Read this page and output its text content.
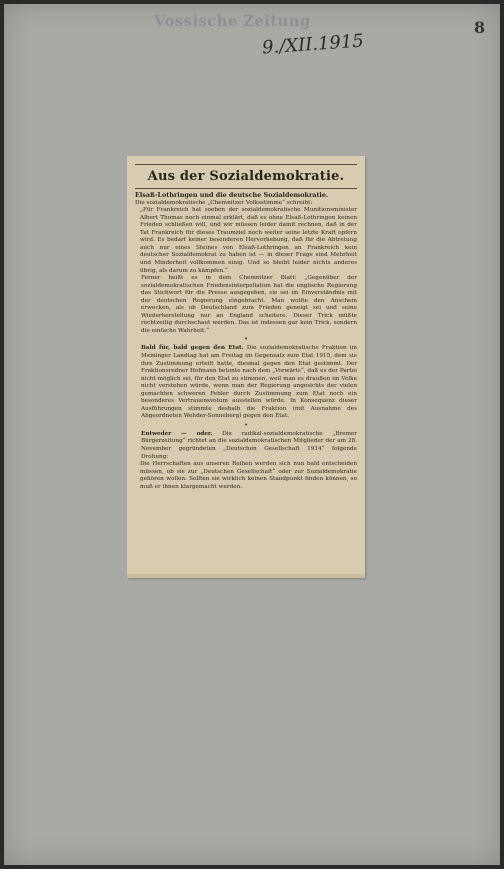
Vossische Zeitung
9./XII.1915
8
Aus der Sozialdemokratie.
Elsaß-Lothringen und die deutsche Sozialdemokratie.

Die sozialdemokratische „Chemnitzer Volksstimme“ schreibt:

„Für Frankreich hat soeben der sozialdemokratische Munitionsminister Albert Thomas noch einmal erklärt, daß es ohne Elsaß-Lothringen keinen Frieden schließen will, und wir müssen leider damit rechnen, daß in der Tat Frankreich für dieses Traumziel noch weiter seine letzte Kraft opfern wird. Es bedarf keiner besonderen Hervorhebung, daß für die Abtretung auch nur eines Steines von Elsaß-Lothringen an Frankreich kein deutscher Sozialdemokrat zu haben ist — in dieser Frage sind Mehrheit und Minderheit vollkommen einig. Und so bleibt leider nichts anderes übrig, als darum zu kämpfen.“

Ferner heißt es in dem Chemnitzer Blatt: „Gegenüber der sozialdemokratischen Friedensinterpellation hat die englische Regierung das Stichwort für die Presse ausgegeben, sie sei im Einverständnis mit der deutschen Regierung eingebracht. Man wollte den Anschein erwecken, als ob Deutschland zum Frieden geneigt sei und seine Wiederherstellung nur an England scheitere. Dieser Trick müßte rechtzeitig durchschaut werden. Das ist indessen gar kein Trick, sondern die einfache Wahrheit.“

•

Bald für, bald gegen den Etat. Die sozialdemokratische Fraktion im Meininger Landtag hat am Freitag im Gegensatz zum Etat 1915, dem sie ihre Zustimmung erteilt hatte, diesmal gegen den Etat gestimmt. Der Fraktionsredner Hofmann betonte nach dem „Vorwärts“, daß es der Partei nicht möglich sei, für den Etat zu stimmen, weil man es draußen im Volke nicht verstehen würde, wenn man der Regierung angesichts der vielen gemachten schweren Fehler durch Zustimmung zum Etat noch ein besonderes Vertrauensvotum ausstellen würde. In Konsequenz dieser Ausführungen stimmte deshalb die Fraktion (mit Ausnahme des Abgeordneten Wehder-Sonneberg) gegen den Etat.

•

Entweder — oder. Die radikal-sozialdemokratische „Bremer Bürgerzeitung“ richtet an die sozialdemokratischen Mitglieder der am 28. November gegründeten „Deutschen Gesellschaft 1914“ folgende Drohung:

Die Herrschaften aus unseren Reihen werden sich nun bald entscheiden müssen, ob sie zur „Deutschen Gesellschaft“ oder zur Sozialdemokratie gehören wollen. Sollten sie wirklich keinen Standpunkt finden können, so muß er ihnen klargemacht werden.
